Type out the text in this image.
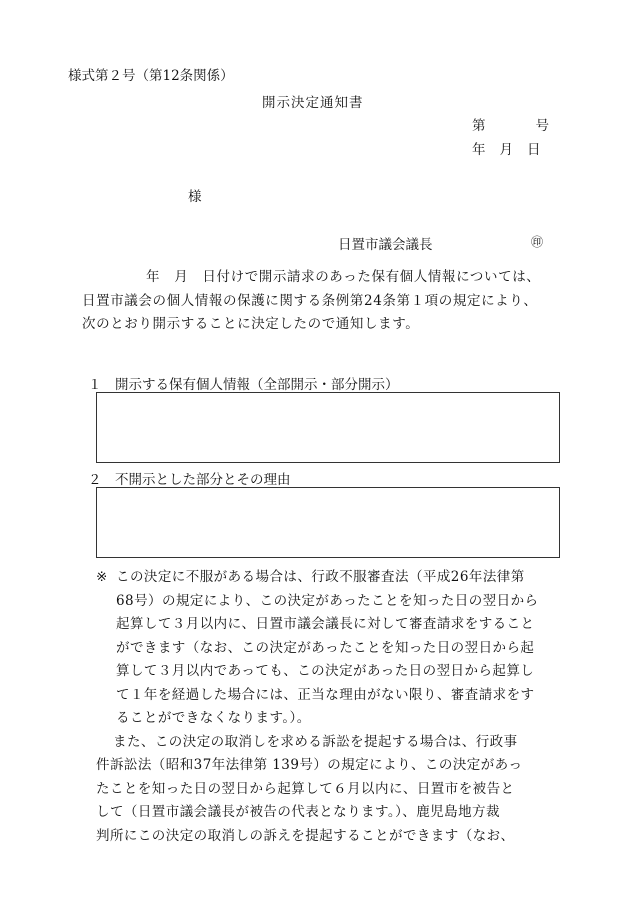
様式第２号（第12条関係）
開示決定通知書
第	号
年 月 日
様
日置市議会議長	㊞
年　月　日付けで開示請求のあった保有個人情報については、
日置市議会の個人情報の保護に関する条例第24条第１項の規定により、
次のとおり開示することに決定したので通知します。
１　開示する保有個人情報（全部開示・部分開示）
２　不開示とした部分とその理由
※ この決定に不服がある場合は、行政不服審査法（平成26年法律第
68号）の規定により、この決定があったことを知った日の翌日から
起算して３月以内に、日置市議会議長に対して審査請求をすること
ができます（なお、この決定があったことを知った日の翌日から起
算して３月以内であっても、この決定があった日の翌日から起算し
て１年を経過した場合には、正当な理由がない限り、審査請求をす
ることができなくなります。）。
また、この決定の取消しを求める訴訟を提起する場合は、行政事
件訴訟法（昭和37年法律第 139号）の規定により、この決定があっ
たことを知った日の翌日から起算して６月以内に、日置市を被告と
して（日置市議会議長が被告の代表となります。）、鹿児島地方裁
判所にこの決定の取消しの訴えを提起することができます（なお、
